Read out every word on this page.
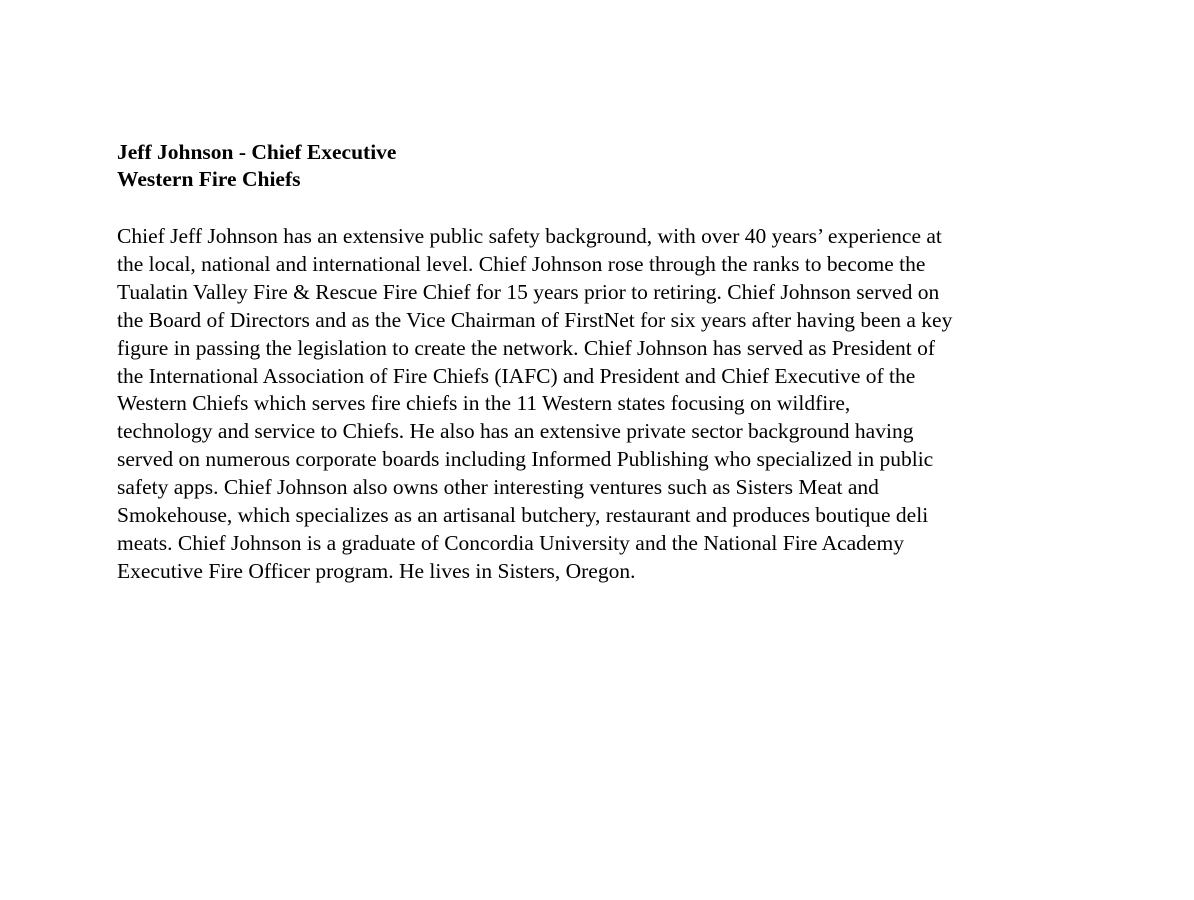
Jeff Johnson - Chief Executive
Western Fire Chiefs
Chief Jeff Johnson has an extensive public safety background, with over 40 years’ experience at
the local, national and international level. Chief Johnson rose through the ranks to become the
Tualatin Valley Fire & Rescue Fire Chief for 15 years prior to retiring. Chief Johnson served on
the Board of Directors and as the Vice Chairman of FirstNet for six years after having been a key
figure in passing the legislation to create the network. Chief Johnson has served as President of
the International Association of Fire Chiefs (IAFC) and President and Chief Executive of the
Western Chiefs which serves fire chiefs in the 11 Western states focusing on wildfire,
technology and service to Chiefs. He also has an extensive private sector background having
served on numerous corporate boards including Informed Publishing who specialized in public
safety apps. Chief Johnson also owns other interesting ventures such as Sisters Meat and
Smokehouse, which specializes as an artisanal butchery, restaurant and produces boutique deli
meats. Chief Johnson is a graduate of Concordia University and the National Fire Academy
Executive Fire Officer program. He lives in Sisters, Oregon.
